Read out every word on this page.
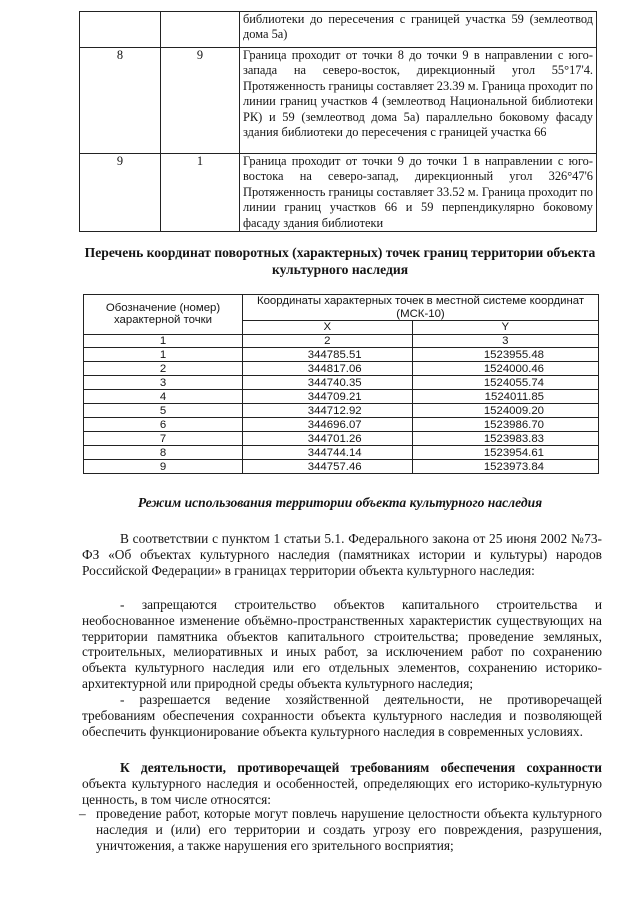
		библиотеки до пересечения с границей участка 59 (землеотвод дома 5а)

8	9	Граница проходит от точки 8 до точки 9 в направлении с юго-запада на северо-восток, дирекционный угол 55°17'4. Протяженность границы составляет 23.39 м. Граница проходит по линии границ участков 4 (землеотвод Национальной библиотеки РК) и 59 (землеотвод дома 5а) параллельно боковому фасаду здания библиотеки до пересечения с границей участка 66

9	1	Граница проходит от точки 9 до точки 1 в направлении с юго-востока на северо-запад, дирекционный угол 326°47'6 Протяженность границы составляет 33.52 м. Граница проходит по линии границ участков 66 и 59 перпендикулярно боковому фасаду здания библиотеки
Перечень координат поворотных (характерных) точек границ территории объекта культурного наследия
Обозначение (номер) характерной точки	Координаты характерных точек в местной системе координат (МСК-10)	
	X	Y
1	2	3
1	344785.51	1523955.48
2	344817.06	1524000.46
3	344740.35	1524055.74
4	344709.21	1524011.85
5	344712.92	1524009.20
6	344696.07	1523986.70
7	344701.26	1523983.83
8	344744.14	1523954.61
9	344757.46	1523973.84
Режим использования территории объекта культурного наследия

В соответствии с пунктом 1 статьи 5.1. Федерального закона от 25 июня 2002 №73-ФЗ «Об объектах культурного наследия (памятниках истории и культуры) народов Российской Федерации» в границах территории объекта культурного наследия:

- запрещаются строительство объектов капитального строительства и необоснованное изменение объёмно-пространственных характеристик существующих на территории памятника объектов капитального строительства; проведение земляных, строительных, мелиоративных и иных работ, за исключением работ по сохранению объекта культурного наследия или его отдельных элементов, сохранению историко-архитектурной или природной среды объекта культурного наследия;

- разрешается ведение хозяйственной деятельности, не противоречащей требованиям обеспечения сохранности объекта культурного наследия и позволяющей обеспечить функционирование объекта культурного наследия в современных условиях.

К деятельности, противоречащей требованиям обеспечения сохранности объекта культурного наследия и особенностей, определяющих его историко-культурную ценность, в том числе относятся:

– проведение работ, которые могут повлечь нарушение целостности объекта культурного наследия и (или) его территории и создать угрозу его повреждения, разрушения, уничтожения, а также нарушения его зрительного восприятия;
